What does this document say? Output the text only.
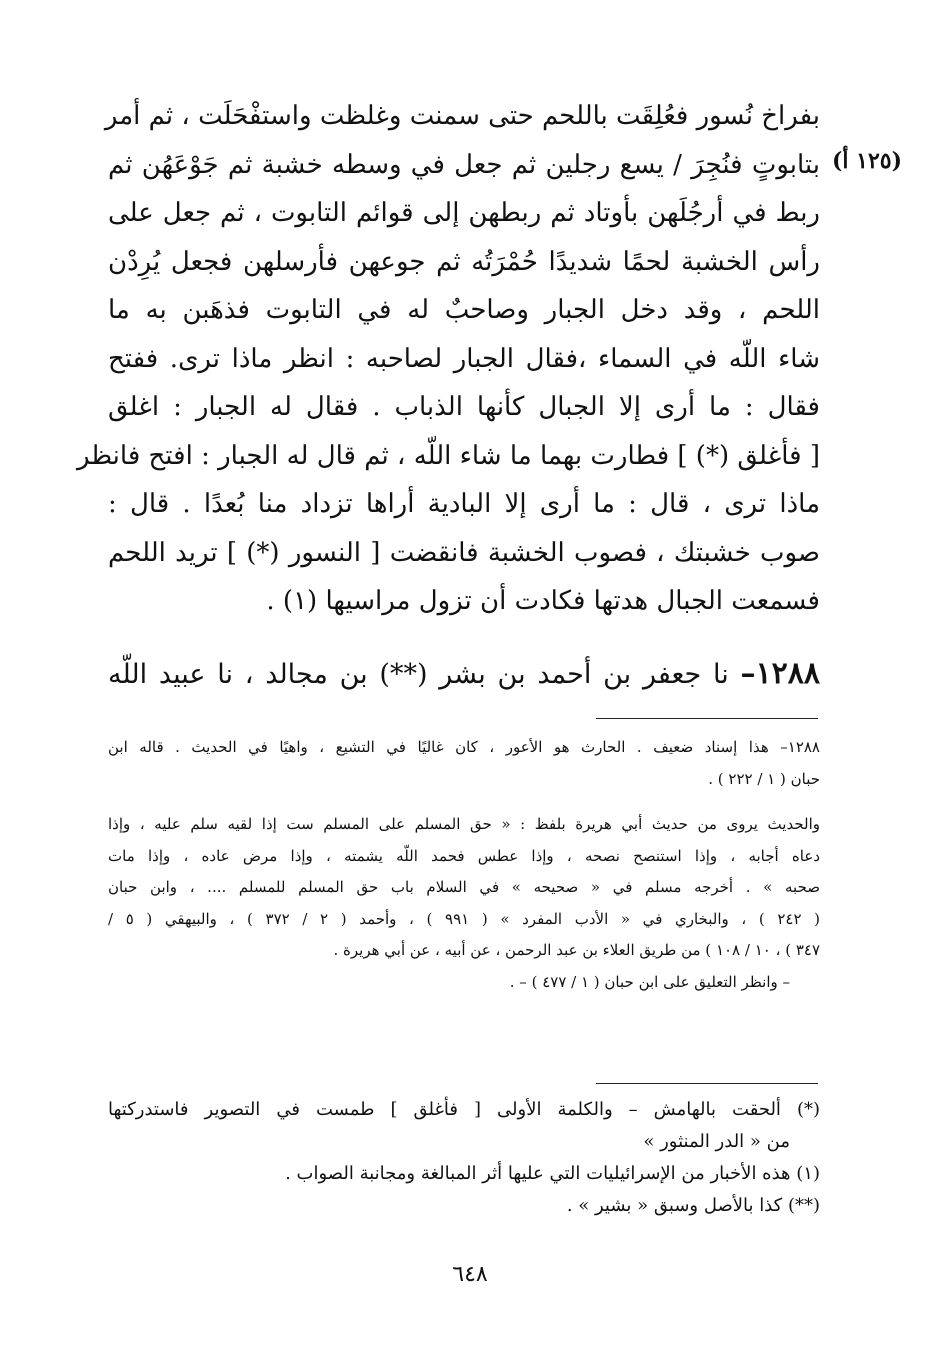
بفراخ نُسور فعُلِقَت باللحم حتى سمنت وغلظت واستفْحَلَت ، ثم أمر
بتابوتٍ فنُجِرَ / يسع رجلين ثم جعل في وسطه خشبة ثم جَوْعَهُن ثم
ربط في أرجُلَهن بأوتاد ثم ربطهن إلى قوائم التابوت ، ثم جعل على
رأس الخشبة لحمًا شديدًا حُمْرَتُه ثم جوعهن فأرسلهن فجعل يُرِدْن
اللحم ، وقد دخل الجبار وصاحبٌ له في التابوت فذهَبن به ما
شاء اللّه في السماء ،فقال الجبار لصاحبه : انظر ماذا ترى. ففتح
فقال : ما أرى إلا الجبال كأنها الذباب . فقال له الجبار : اغلق
[ فأغلق (*) ] فطارت بهما ما شاء اللّه ، ثم قال له الجبار : افتح فانظر
ماذا ترى ، قال : ما أرى إلا البادية أراها تزداد منا بُعدًا . قال :
صوب خشبتك ، فصوب الخشبة فانقضت [ النسور (*) ] تريد اللحم
فسمعت الجبال هدتها فكادت أن تزول مراسيها (١) .
(١٢٥ أ)
١٢٨٨– نا جعفر بن أحمد بن بشر (**) بن مجالد ، نا عبيد اللّه
١٢٨٨– هذا إسناد ضعيف . الحارث هو الأعور ، كان غاليًا في التشيع ، واهيًا في الحديث . قاله ابن
حبان ( ١ / ٢٢٢ ) .
والحديث يروى من حديث أبي هريرة بلفظ : « حق المسلم على المسلم ست إذا لقيه سلم عليه ، وإذا
دعاه أجابه ، وإذا استنصح نصحه ، وإذا عطس فحمد اللّه يشمته ، وإذا مرض عاده ، وإذا مات
صحبه » . أخرجه مسلم في « صحيحه » في السلام باب حق المسلم للمسلم .... ، وابن حبان
( ٢٤٢ ) ، والبخاري في « الأدب المفرد » ( ٩٩١ ) ، وأحمد ( ٢ / ٣٧٢ ) ، والبيهقي ( ٥ /
٣٤٧ ) ، ١٠ / ١٠٨ ) من طريق العلاء بن عبد الرحمن ، عن أبيه ، عن أبي هريرة .
– وانظر التعليق على ابن حبان ( ١ / ٤٧٧ ) – .
(*) ألحقت بالهامش – والكلمة الأولى [ فأغلق ] طمست في التصوير فاستدركتها
من « الدر المنثور »
(١) هذه الأخبار من الإسرائيليات التي عليها أثر المبالغة ومجانبة الصواب .
(**) كذا بالأصل وسبق « بشير » .
٦٤٨
